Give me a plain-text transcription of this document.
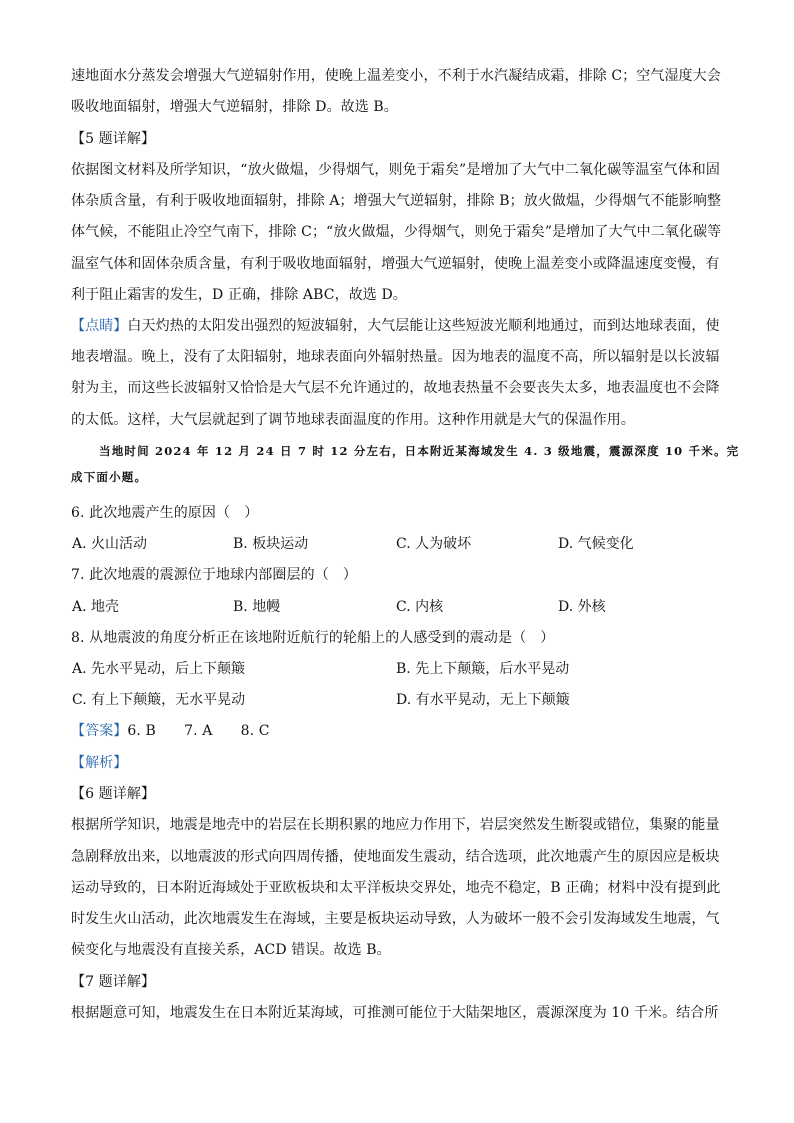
速地面水分蒸发会增强大气逆辐射作用，使晚上温差变小，不利于水汽凝结成霜，排除 C；空气湿度大会
吸收地面辐射，增强大气逆辐射，排除 D。故选 B。
【5 题详解】
依据图文材料及所学知识，“放火做煴，少得烟气，则免于霜矣”是增加了大气中二氧化碳等温室气体和固
体杂质含量，有利于吸收地面辐射，排除 A；增强大气逆辐射，排除 B；放火做煴，少得烟气不能影响整
体气候，不能阻止冷空气南下，排除 C；“放火做煴，少得烟气，则免于霜矣”是增加了大气中二氧化碳等
温室气体和固体杂质含量，有利于吸收地面辐射，增强大气逆辐射，使晚上温差变小或降温速度变慢，有
利于阻止霜害的发生，D 正确，排除 ABC，故选 D。
【点睛】白天灼热的太阳发出强烈的短波辐射，大气层能让这些短波光顺利地通过，而到达地球表面，使
地表增温。晚上，没有了太阳辐射，地球表面向外辐射热量。因为地表的温度不高，所以辐射是以长波辐
射为主，而这些长波辐射又恰恰是大气层不允许通过的，故地表热量不会要丧失太多，地表温度也不会降
的太低。这样，大气层就起到了调节地球表面温度的作用。这种作用就是大气的保温作用。
当地时间 2024 年 12 月 24 日 7 时 12 分左右，日本附近某海域发生 4. 3 级地震，震源深度 10 千米。完
成下面小题。
6. 此次地震产生的原因（　）
A. 火山活动	B. 板块运动	C. 人为破坏	D. 气候变化
7. 此次地震的震源位于地球内部圈层的（　）
A. 地壳	B. 地幔	C. 内核	D. 外核
8. 从地震波的角度分析正在该地附近航行的轮船上的人感受到的震动是（　）
A. 先水平晃动，后上下颠簸	B. 先上下颠簸，后水平晃动
C. 有上下颠簸，无水平晃动	D. 有水平晃动，无上下颠簸
【答案】6. B　　7. A　　8. C
【解析】
【6 题详解】
根据所学知识，地震是地壳中的岩层在长期积累的地应力作用下，岩层突然发生断裂或错位，集聚的能量
急剧释放出来，以地震波的形式向四周传播，使地面发生震动，结合选项，此次地震产生的原因应是板块
运动导致的，日本附近海域处于亚欧板块和太平洋板块交界处，地壳不稳定，B 正确；材料中没有提到此
时发生火山活动，此次地震发生在海域，主要是板块运动导致，人为破坏一般不会引发海域发生地震，气
候变化与地震没有直接关系，ACD 错误。故选 B。
【7 题详解】
根据题意可知，地震发生在日本附近某海域，可推测可能位于大陆架地区，震源深度为 10 千米。结合所
